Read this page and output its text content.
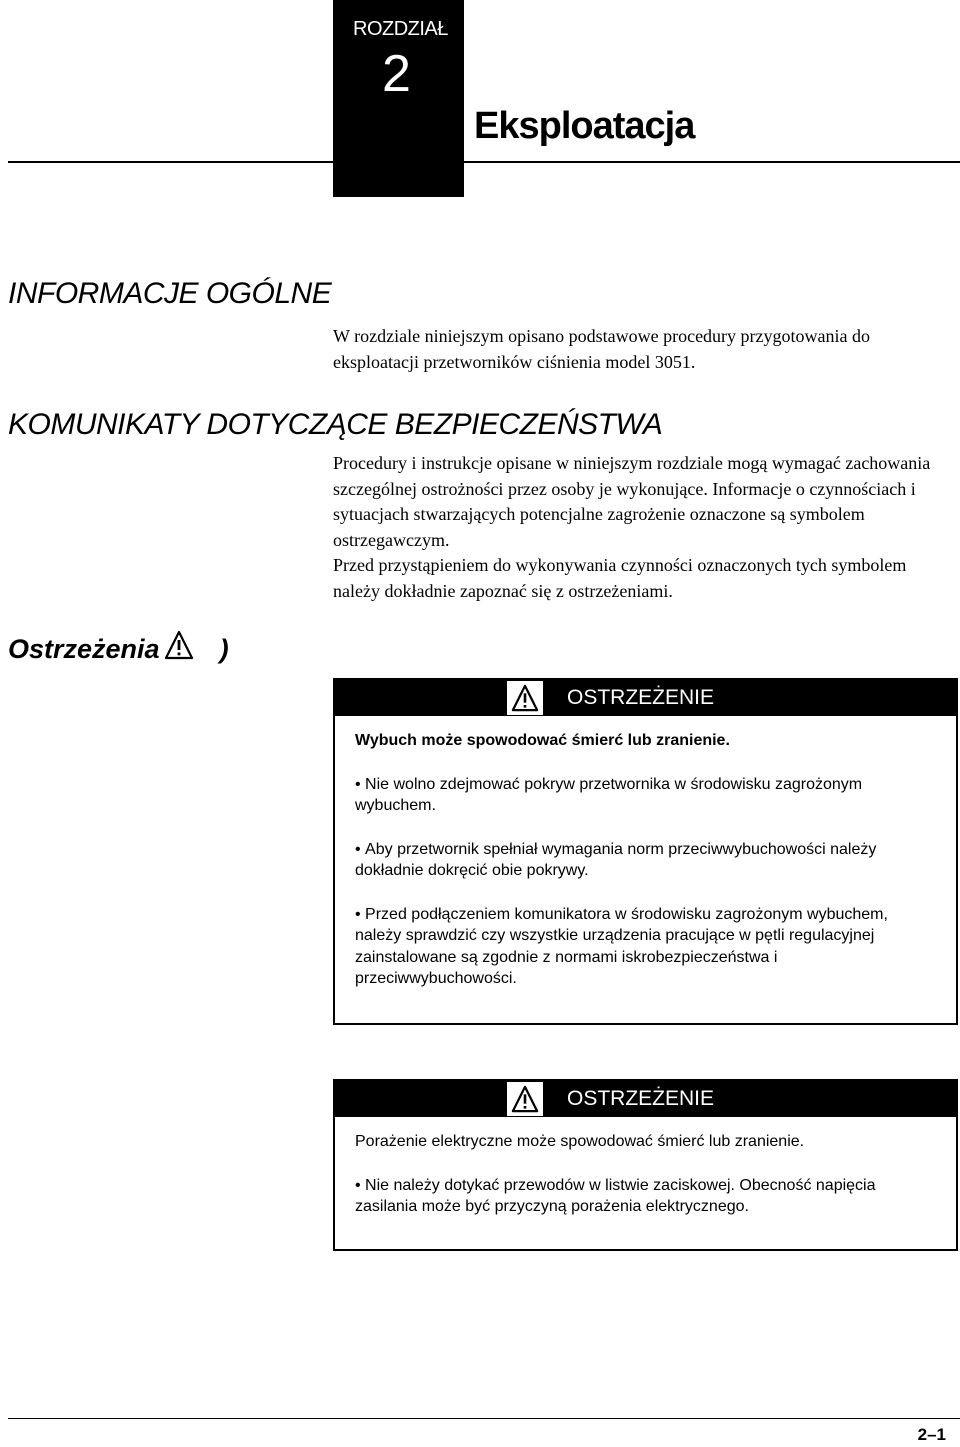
ROZDZIAŁ
2
Eksploatacja
INFORMACJE OGÓLNE

W rozdziale niniejszym opisano podstawowe procedury przygotowania do eksploatacji przetworników ciśnienia model 3051.

KOMUNIKATY DOTYCZĄCE BEZPIECZEŃSTWA

Procedury i instrukcje opisane w niniejszym rozdziale mogą wymagać zachowania szczególnej ostrożności przez osoby je wykonujące. Informacje o czynnościach i sytuacjach stwarzających potencjalne zagrożenie oznaczone są symbolem ostrzegawczym.

Przed przystąpieniem do wykonywania czynności oznaczonych tych symbolem należy dokładnie zapoznać się z ostrzeżeniami.

Ostrzeżenia )
OSTRZEŻENIE

Wybuch może spowodować śmierć lub zranienie.

• Nie wolno zdejmować pokryw przetwornika w środowisku zagrożonym wybuchem.
• Aby przetwornik spełniał wymagania norm przeciwwybuchowości należy dokładnie dokręcić obie pokrywy.
• Przed podłączeniem komunikatora w środowisku zagrożonym wybuchem, należy sprawdzić czy wszystkie urządzenia pracujące w pętli regulacyjnej zainstalowane są zgodnie z normami iskrobezpieczeństwa i przeciwwybuchowości.
OSTRZEŻENIE

Porażenie elektryczne może spowodować śmierć lub zranienie.

• Nie należy dotykać przewodów w listwie zaciskowej. Obecność napięcia zasilania może być przyczyną porażenia elektrycznego.
2–1
